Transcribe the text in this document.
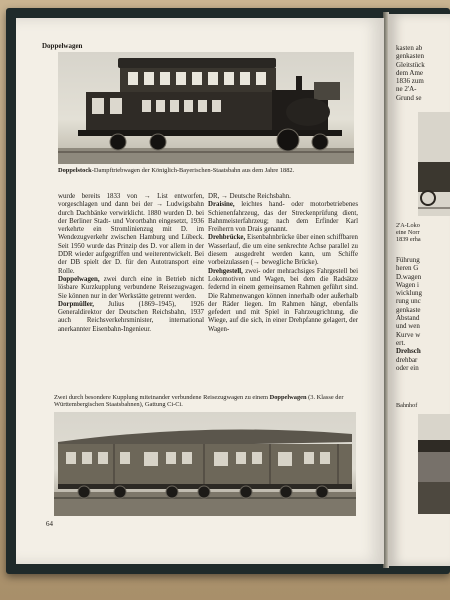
Doppelwagen
Doppelstock-Dampftriebwagen der Königlich-Bayerischen-Staatsbahn aus dem Jahre 1882.

wurde bereits 1833 von → List entworfen, vorgeschlagen und dann bei der → Ludwigsbahn durch Dachbänke verwirklicht. 1880 wurden D. bei der Berliner Stadt- und Vorortbahn eingesetzt, 1936 verkehrte ein Stromlinienzug mit D. im Wendezugverkehr zwischen Hamburg und Lübeck. Seit 1950 wurde das Prinzip des D. vor allem in der DDR wieder aufgegriffen und weiterentwickelt. Bei der DB spielt der D. für den Autotransport eine Rolle.

Doppelwagen, zwei durch eine in Betrieb nicht lösbare Kurzkupplung verbundene Reisezugwagen. Sie können nur in der Werkstätte getrennt werden.

Dorpmüller, Julius (1869–1945), 1926 Generaldirektor der Deutschen Reichsbahn, 1937 auch Reichsverkehrsminister, international anerkannter Eisenbahn-Ingenieur.

DR, → Deutsche Reichsbahn.

Draisine, leichtes hand- oder motorbetriebenes Schienenfahrzeug, das der Streckenprüfung dient, Bahnmeisterfahrzeug; nach dem Erfinder Karl Freiherrn von Drais genannt.

Drehbrücke, Eisenbahnbrücke über einen schiffbaren Wasserlauf, die um eine senkrechte Achse parallel zu diesem ausgedreht werden kann, um Schiffe vorbeizulassen (→ bewegliche Brücke).

Drehgestell, zwei- oder mehrachsiges Fahrgestell bei Lokomotiven und Wagen, bei dem die Radsätze federnd in einem gemeinsamen Rahmen geführt sind. Die Rahmenwangen können innerhalb oder außerhalb der Räder liegen. Im Rahmen hängt, ebenfalls gefedert und mit Spiel in Fahrzeugrichtung, die Wiege, auf die sich, in einer Drehpfanne gelagert, der Wagen-

Zwei durch besondere Kupplung miteinander verbundene Reisezugwagen zu einem Doppelwagen (3. Klasse der Württembergischen Staatsbahnen), Gattung Ci-Ci.
64
kasten ab
genkasten
Gleitstück
dem Ame
1836 zum
ne 2'A-
Grund se
2'A-Loko
eine Norr
1839 erha
Führung
heren G
D.wagen
Wagen i
wicklung
rung unc
genkaste
Abstand
und wen
Kurve w
ert.
Drehsch
drehbar
oder ein
Bahnhof
